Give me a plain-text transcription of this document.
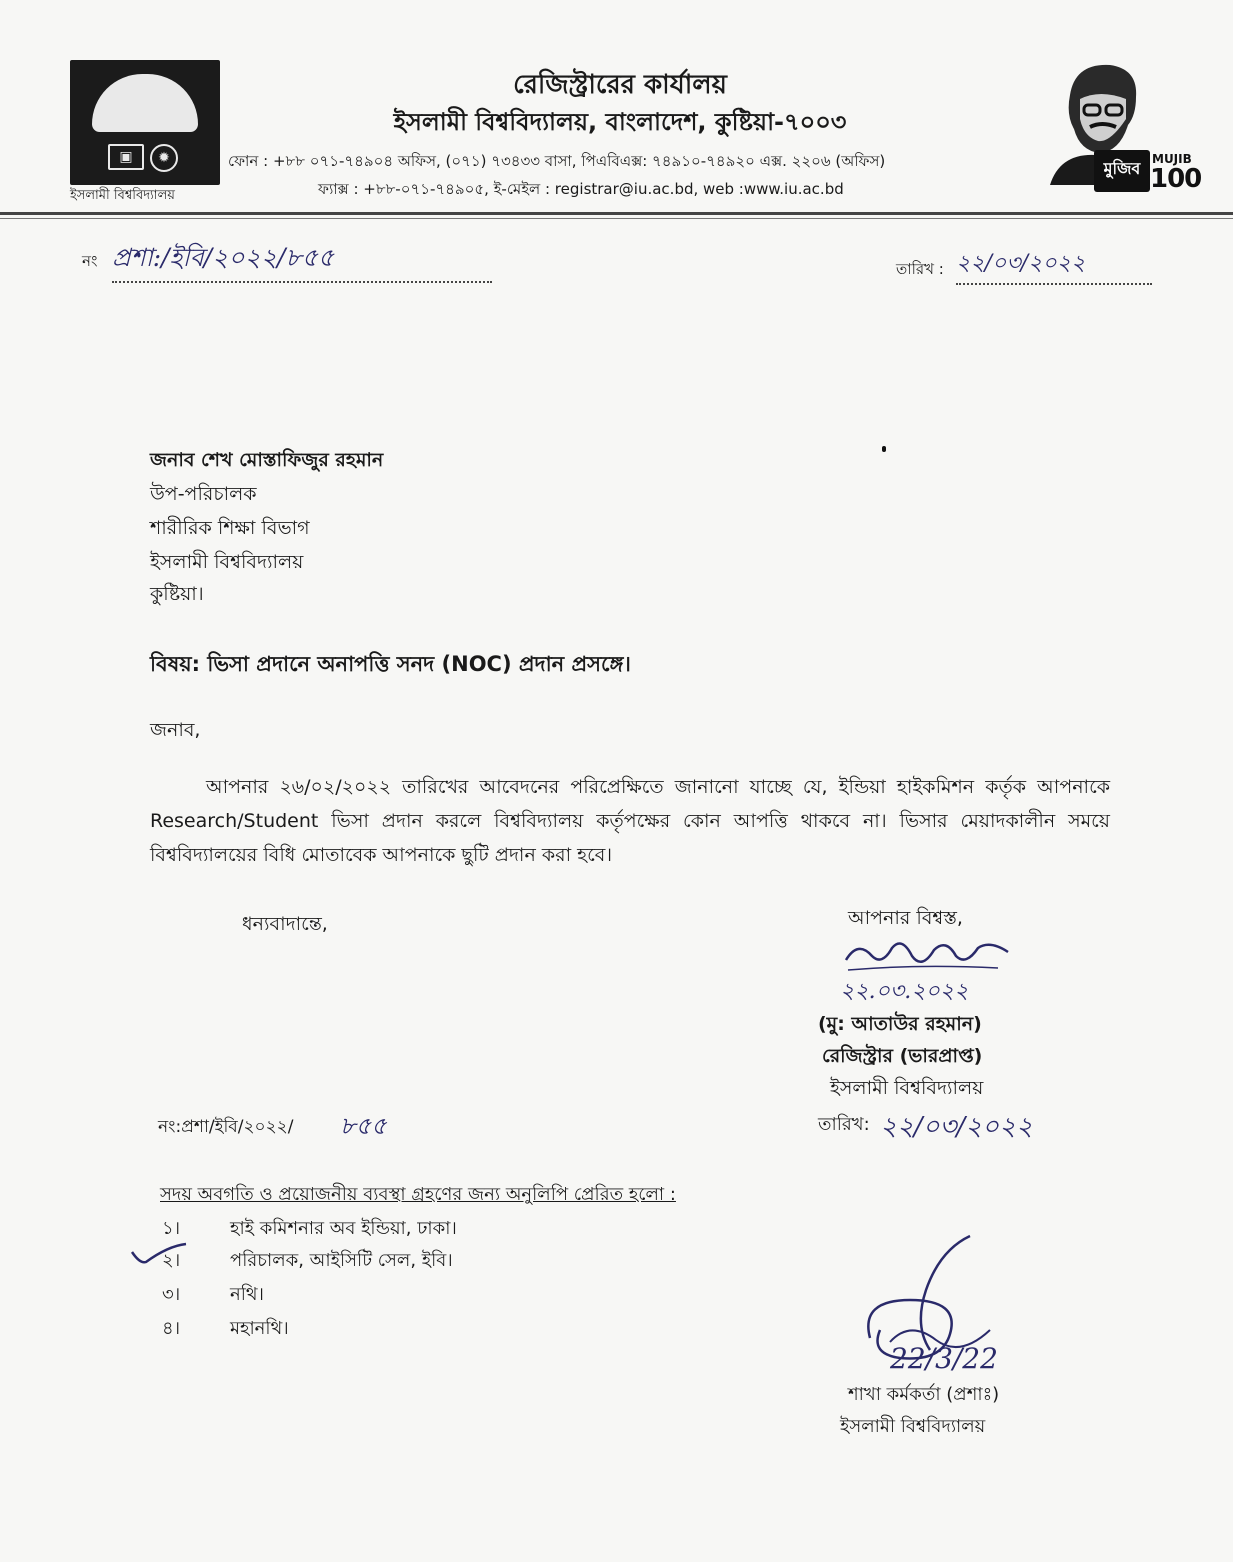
▣	✹
ইসলামী বিশ্ববিদ্যালয়
রেজিস্ট্রারের কার্যালয়
ইসলামী বিশ্ববিদ্যালয়, বাংলাদেশ, কুষ্টিয়া-৭০০৩
ফোন : +৮৮ ০৭১-৭৪৯০৪ অফিস, (০৭১) ৭৩৪৩৩ বাসা, পিএবিএক্স: ৭৪৯১০-৭৪৯২০ এক্স. ২২০৬ (অফিস)
ফ্যাক্স : +৮৮-০৭১-৭৪৯০৫, ই-মেইল : registrar@iu.ac.bd, web :www.iu.ac.bd
মুজিব MUJIB
100
নং প্রশা:/ইবি/২০২২/৮৫৫	তারিখ : ২২/০৩/২০২২
জনাব শেখ মোস্তাফিজুর রহমান
উপ-পরিচালক
শারীরিক শিক্ষা বিভাগ
ইসলামী বিশ্ববিদ্যালয়
কুষ্টিয়া।
বিষয়: ভিসা প্রদানে অনাপত্তি সনদ (NOC) প্রদান প্রসঙ্গে।
জনাব,
আপনার ২৬/০২/২০২২ তারিখের আবেদনের পরিপ্রেক্ষিতে জানানো যাচ্ছে যে, ইন্ডিয়া হাইকমিশন কর্তৃক আপনাকে Research/Student ভিসা প্রদান করলে বিশ্ববিদ্যালয় কর্তৃপক্ষের কোন আপত্তি থাকবে না। ভিসার মেয়াদকালীন সময়ে বিশ্ববিদ্যালয়ের বিধি মোতাবেক আপনাকে ছুটি প্রদান করা হবে।
ধন্যবাদান্তে,	আপনার বিশ্বস্ত,
২২.০৩.২০২২
(মু: আতাউর রহমান)
রেজিস্ট্রার (ভারপ্রাপ্ত)
ইসলামী বিশ্ববিদ্যালয়
তারিখ: ২২/০৩/২০২২
নং:প্রশা/ইবি/২০২২/ ৮৫৫
সদয় অবগতি ও প্রয়োজনীয় ব্যবস্থা গ্রহণের জন্য অনুলিপি প্রেরিত হলো :
১।	হাই কমিশনার অব ইন্ডিয়া, ঢাকা।
২।	পরিচালক, আইসিটি সেল, ইবি।
৩।	নথি।
৪।	মহানথি।
22/3/22
শাখা কর্মকর্তা (প্রশাঃ)
ইসলামী বিশ্ববিদ্যালয়
